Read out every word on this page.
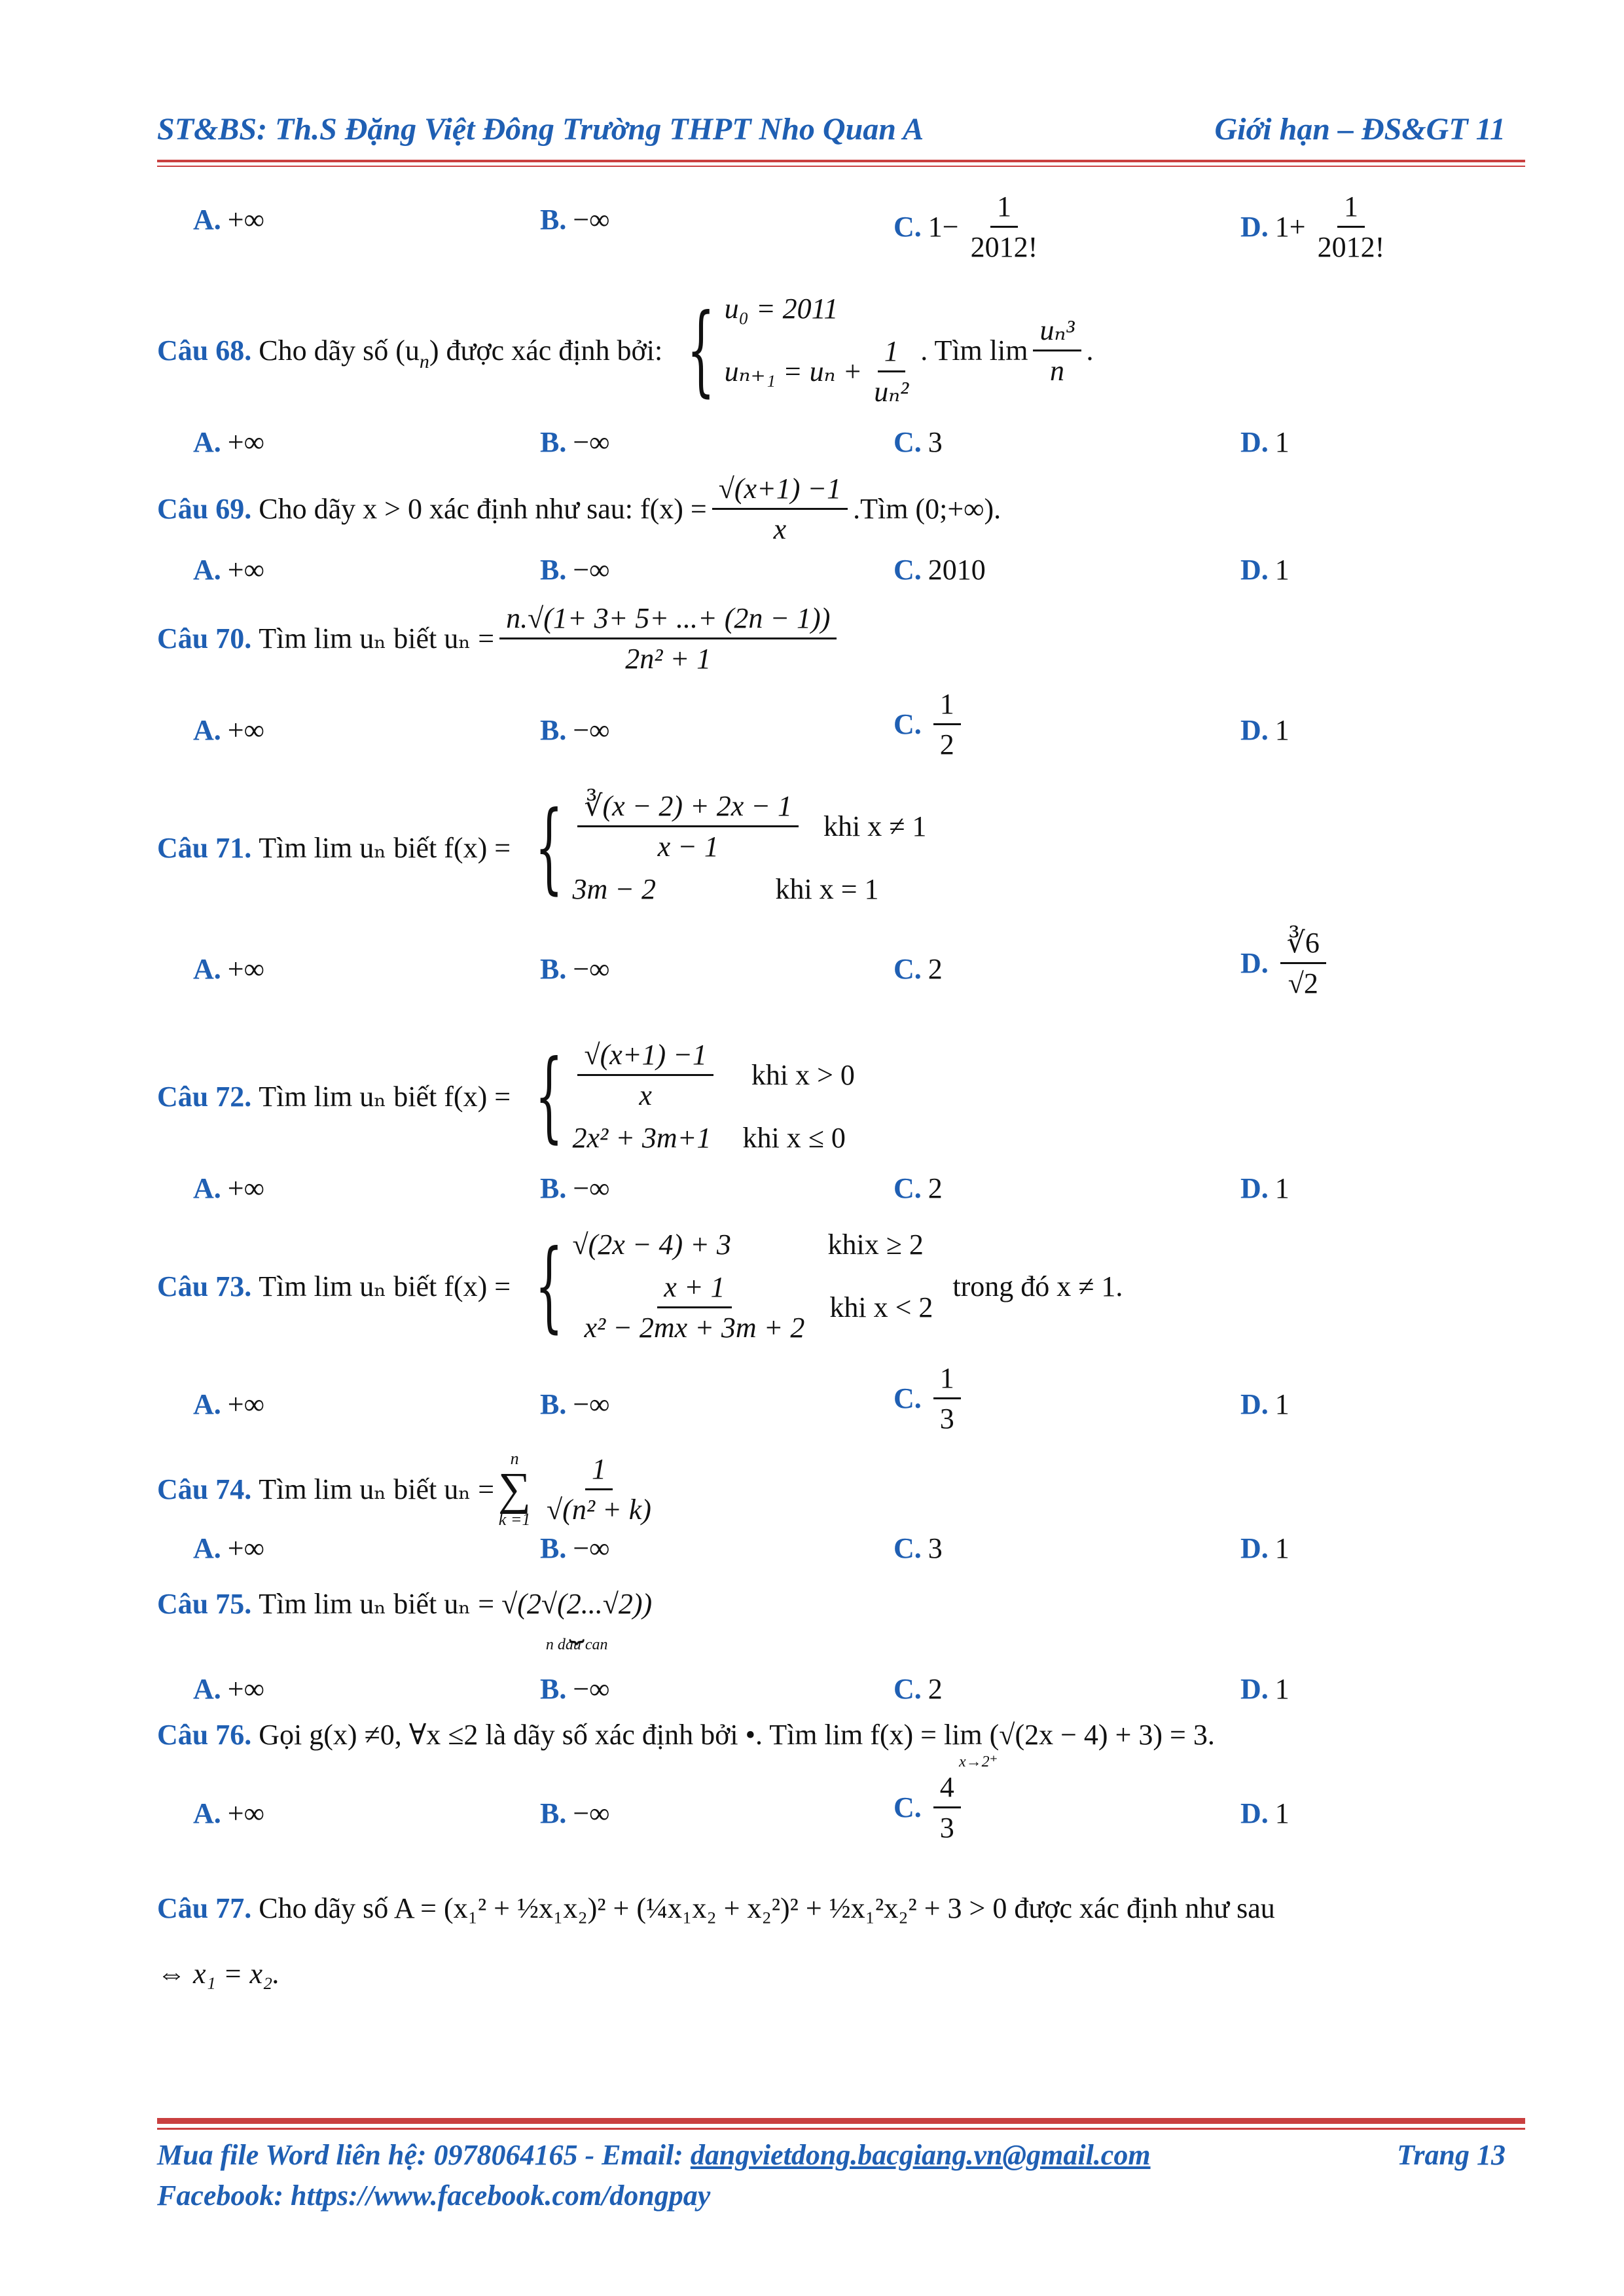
ST&BS: Th.S Đặng Việt Đông Trường THPT Nho Quan A	Giới hạn – ĐS&GT 11
A. +∞	B. −∞	C. $1- \frac{1}{2012!}$	D. $1+ \frac{1}{2012!}$
Câu 68.
Cho dãy số (u n ) được xác định bởi:
{ u₀ = 2011
$u_{n+1} = u_n + \frac{1}{\text{uₙ²}}$ . Tìm $\lim \frac{\text{uₙ³}}{n}$ .
A. +∞	B. −∞	C. 3	D. 1
Câu 69.
Cho dãy x > 0 xác định như sau: $f(x) = \frac{√(x+1) -1}{x}$ .Tìm (0;+∞).
A. +∞	B. −∞	C. 2010	D. 1
Câu 70.
Tìm lim uₙ biết $u_n = \frac{n.√(1+ 3+ 5+ ...+ (2n - 1))}{\text{2n² + 1}}$
A. +∞	B. −∞	C. $\frac{1}{2}$	D. 1
Câu 71.
Tìm lim uₙ biết f(x) =
{ $\frac{∛(x - 2) + 2x - 1}{x - 1}$ khi x ≠ 1
3m − 2	khi x = 1
A. +∞	B. −∞	C. 2	D. $\frac{∛6}{√2}$
Câu 72.
Tìm lim uₙ biết f(x) =
{ $\frac{√(x+1) -1}{x}$ khi x > 0
2x² + 3m+1	khi x ≤ 0
A. +∞	B. −∞	C. 2	D. 1
Câu 73.
Tìm lim uₙ biết f(x) =
{ √(2x − 4) + 3	khix ≥ 2
$\frac{x + 1}{\text{x² − 2mx + 3m + 2}}$ khi x < 2
trong đó x ≠ 1.
A. +∞	B. −∞	C. $\frac{1}{3}$	D. 1
Câu 74.
Tìm lim uₙ biết uₙ =
n
∑
$k =1 \frac{1}{\text{√(n² + k)}}$
A. +∞	B. −∞	C. 3	D. 1
Câu 75.
Tìm lim uₙ biết uₙ =
√(2√(2...√2))
⏟
n dau can
A. +∞	B. −∞	C. 2	D. 1
Câu 76.
Gọi g(x) ≠0, ∀x ≤2 là dãy số xác định bởi •. Tìm lim f(x) = lim (√(2x − 4) + 3) = 3.
x→2⁺
A. +∞	B. −∞	C. $\frac{4}{3}$	D. 1
Câu 77.
Cho dãy số A = (x₁² + ½x₁x₂)² + (¼x₁x₂ + x₂²)² + ½x₁²x₂² + 3 > 0 được xác định như sau
⇔ x₁ = x₂.
Mua file Word liên hệ: 0978064165 - Email: dangvietdong.bacgiang.vn@gmail.com	Trang 13
Facebook: https://www.facebook.com/dongpay
